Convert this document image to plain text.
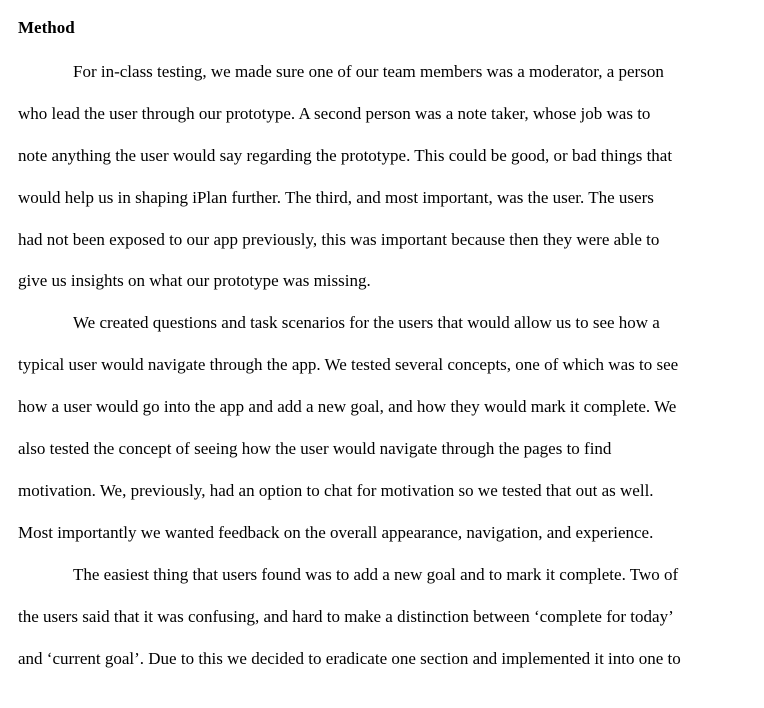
Method
For in-class testing, we made sure one of our team members was a moderator, a person
who lead the user through our prototype. A second person was a note taker, whose job was to
note anything the user would say regarding the prototype. This could be good, or bad things that
would help us in shaping iPlan further. The third, and most important, was the user. The users
had not been exposed to our app previously, this was important because then they were able to
give us insights on what our prototype was missing.
We created questions and task scenarios for the users that would allow us to see how a
typical user would navigate through the app. We tested several concepts, one of which was to see
how a user would go into the app and add a new goal, and how they would mark it complete. We
also tested the concept of seeing how the user would navigate through the pages to find
motivation. We, previously, had an option to chat for motivation so we tested that out as well.
Most importantly we wanted feedback on the overall appearance, navigation, and experience.
The easiest thing that users found was to add a new goal and to mark it complete. Two of
the users said that it was confusing, and hard to make a distinction between ‘complete for today’
and ‘current goal’. Due to this we decided to eradicate one section and implemented it into one to
